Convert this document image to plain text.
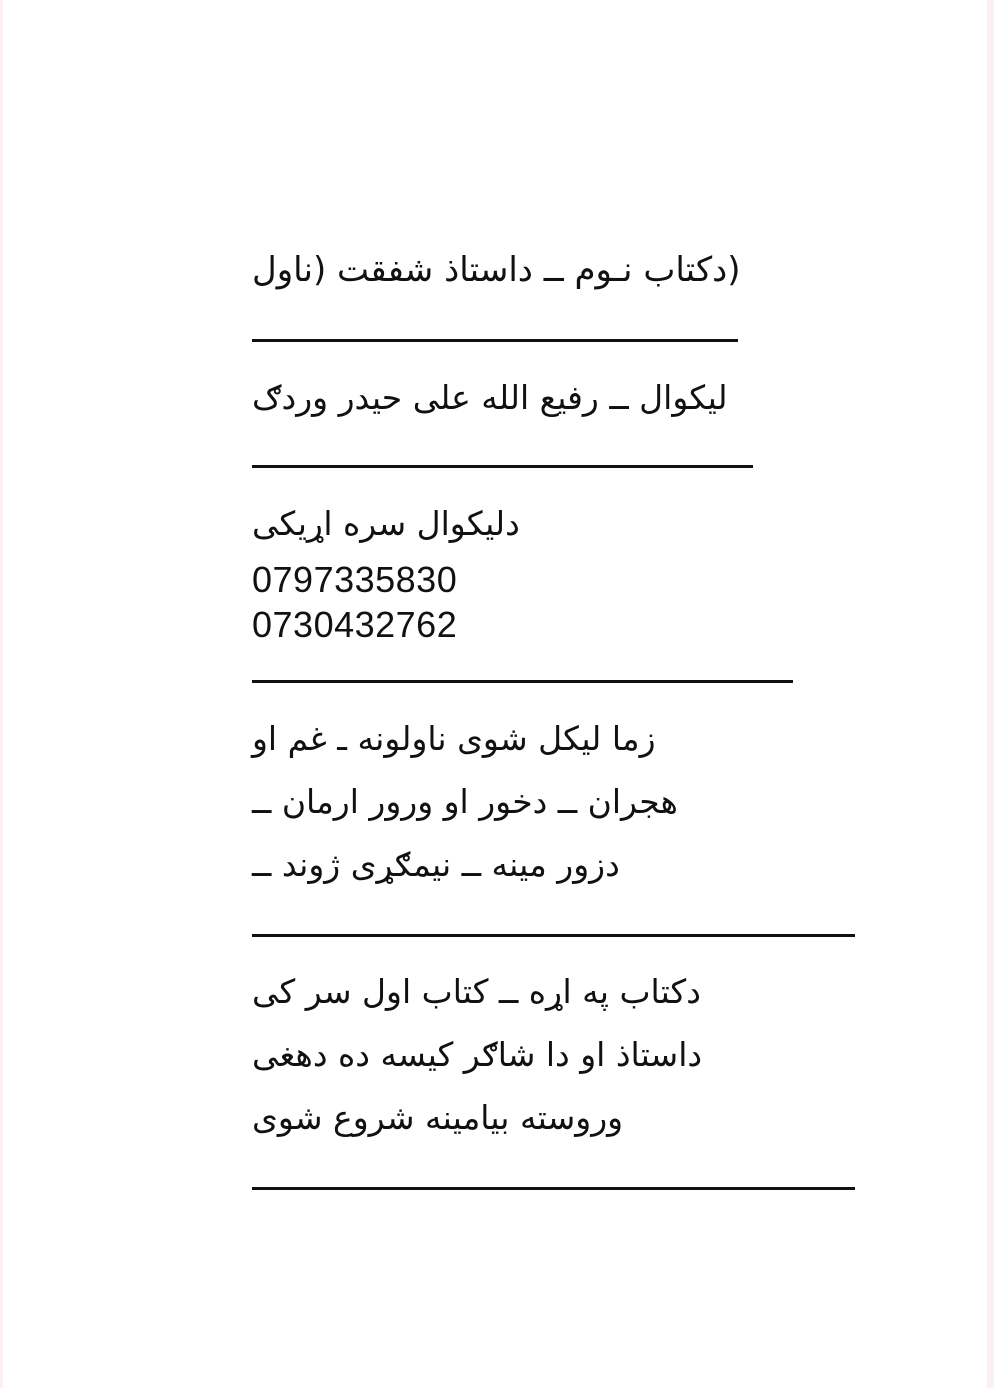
(دکتاب نـوم ــ داستاذ شفقت (ناول

ليکوال ــ رفيع الله علی حيدر وردګ

دليکوال سره اړيکی

0797335830

0730432762

زما ليکل شوی ناولونه ـ غم او

هجران ــ دخور او ورور ارمان ــ

دزور مينه ــ نيمګړی ژوند ــ

دکتاب په اړه ــ کتاب اول سر کی

داستاذ او دا شاګر کيسه ده دهغی

وروسته بيامينه شروع شوی
